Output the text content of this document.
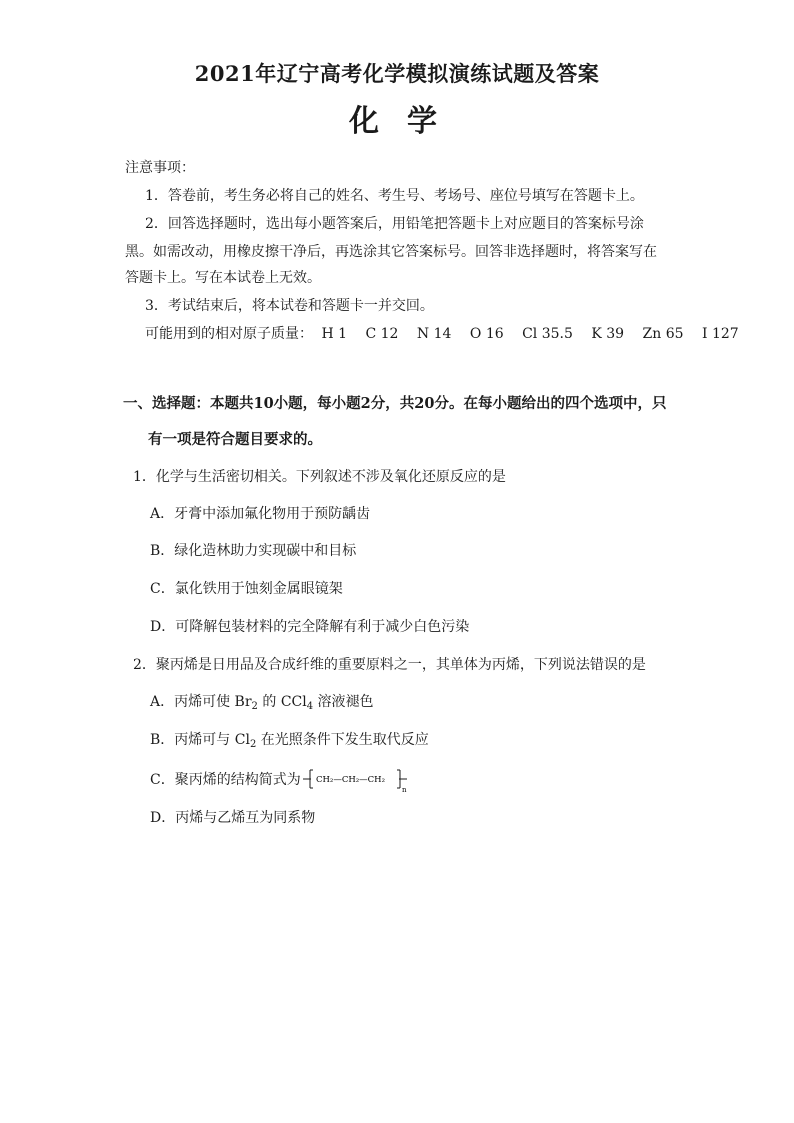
2021年辽宁高考化学模拟演练试题及答案
化学
注意事项：
1．答卷前，考生务必将自己的姓名、考生号、考场号、座位号填写在答题卡上。
2．回答选择题时，选出每小题答案后，用铅笔把答题卡上对应题目的答案标号涂
黑。如需改动，用橡皮擦干净后，再选涂其它答案标号。回答非选择题时，将答案写在
答题卡上。写在本试卷上无效。
3．考试结束后，将本试卷和答题卡一并交回。
可能用到的相对原子质量： H 1 C 12 N 14 O 16 Cl 35.5 K 39 Zn 65 I 127
一、选择题：本题共10小题，每小题2分，共20分。在每小题给出的四个选项中，只
有一项是符合题目要求的。
1．化学与生活密切相关。下列叙述不涉及氧化还原反应的是
A．牙膏中添加氟化物用于预防龋齿
B．绿化造林助力实现碳中和目标
C．氯化铁用于蚀刻金属眼镜架
D．可降解包装材料的完全降解有利于减少白色污染
2．聚丙烯是日用品及合成纤维的重要原料之一，其单体为丙烯，下列说法错误的是
A．丙烯可使 $Br_2$ 的 CCl$_4$ 溶液褪色
B．丙烯可与 $Cl_2$ 在光照条件下发生取代反应
C．聚丙烯的结构简式为 CH₂—CH₂—CH₂
n
D．丙烯与乙烯互为同系物
